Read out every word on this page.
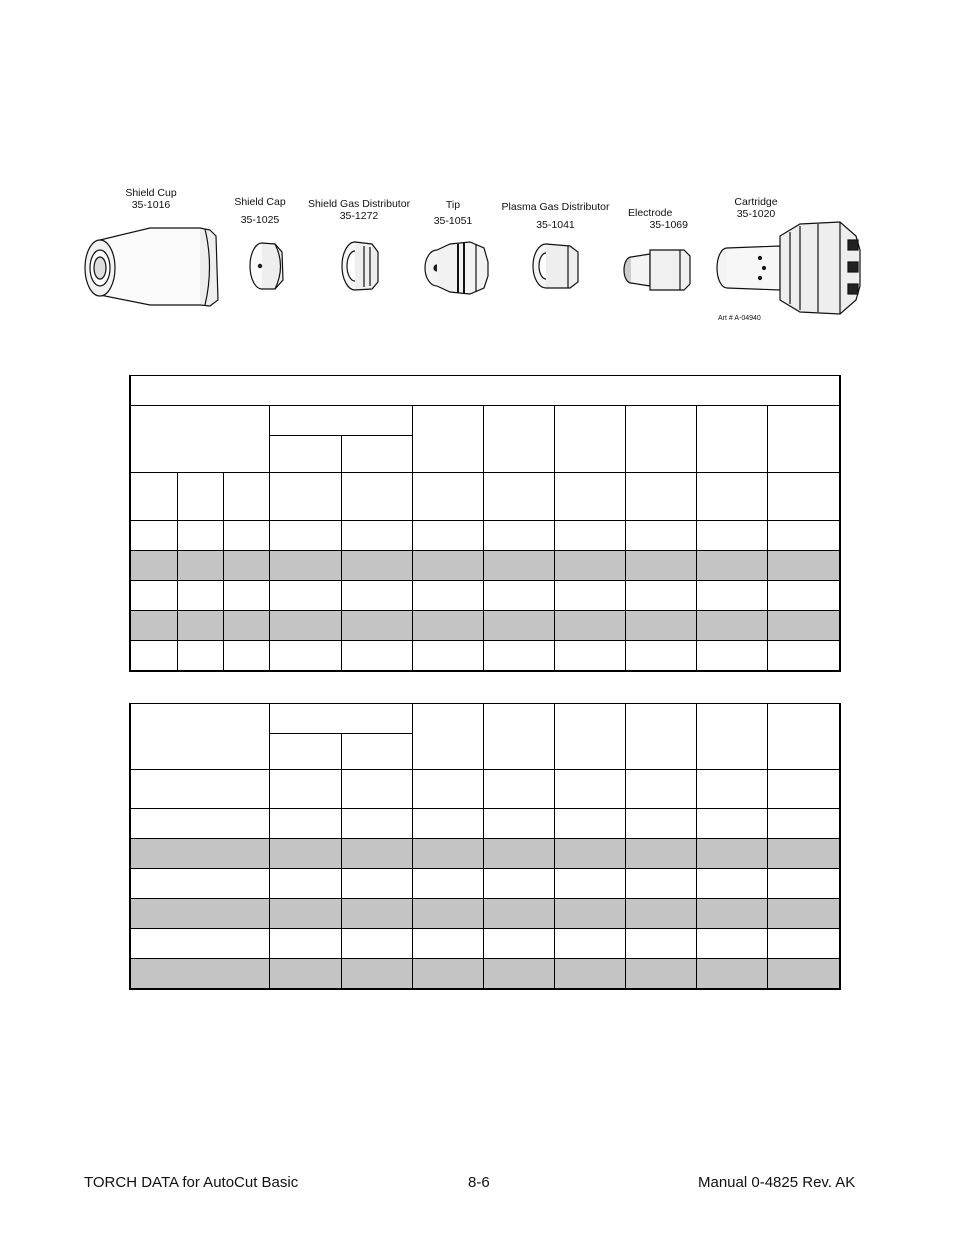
Shield Cup
35-1016	Shield Cap
35-1025
Shield Gas Distributor
35-1272
Tip
35-1051
Plasma Gas Distributor
35-1041
Electrode
35-1069
Cartridge
35-1020
Art # A-04940

TORCH DATA for AutoCut Basic	8-6	Manual 0-4825 Rev. AK
